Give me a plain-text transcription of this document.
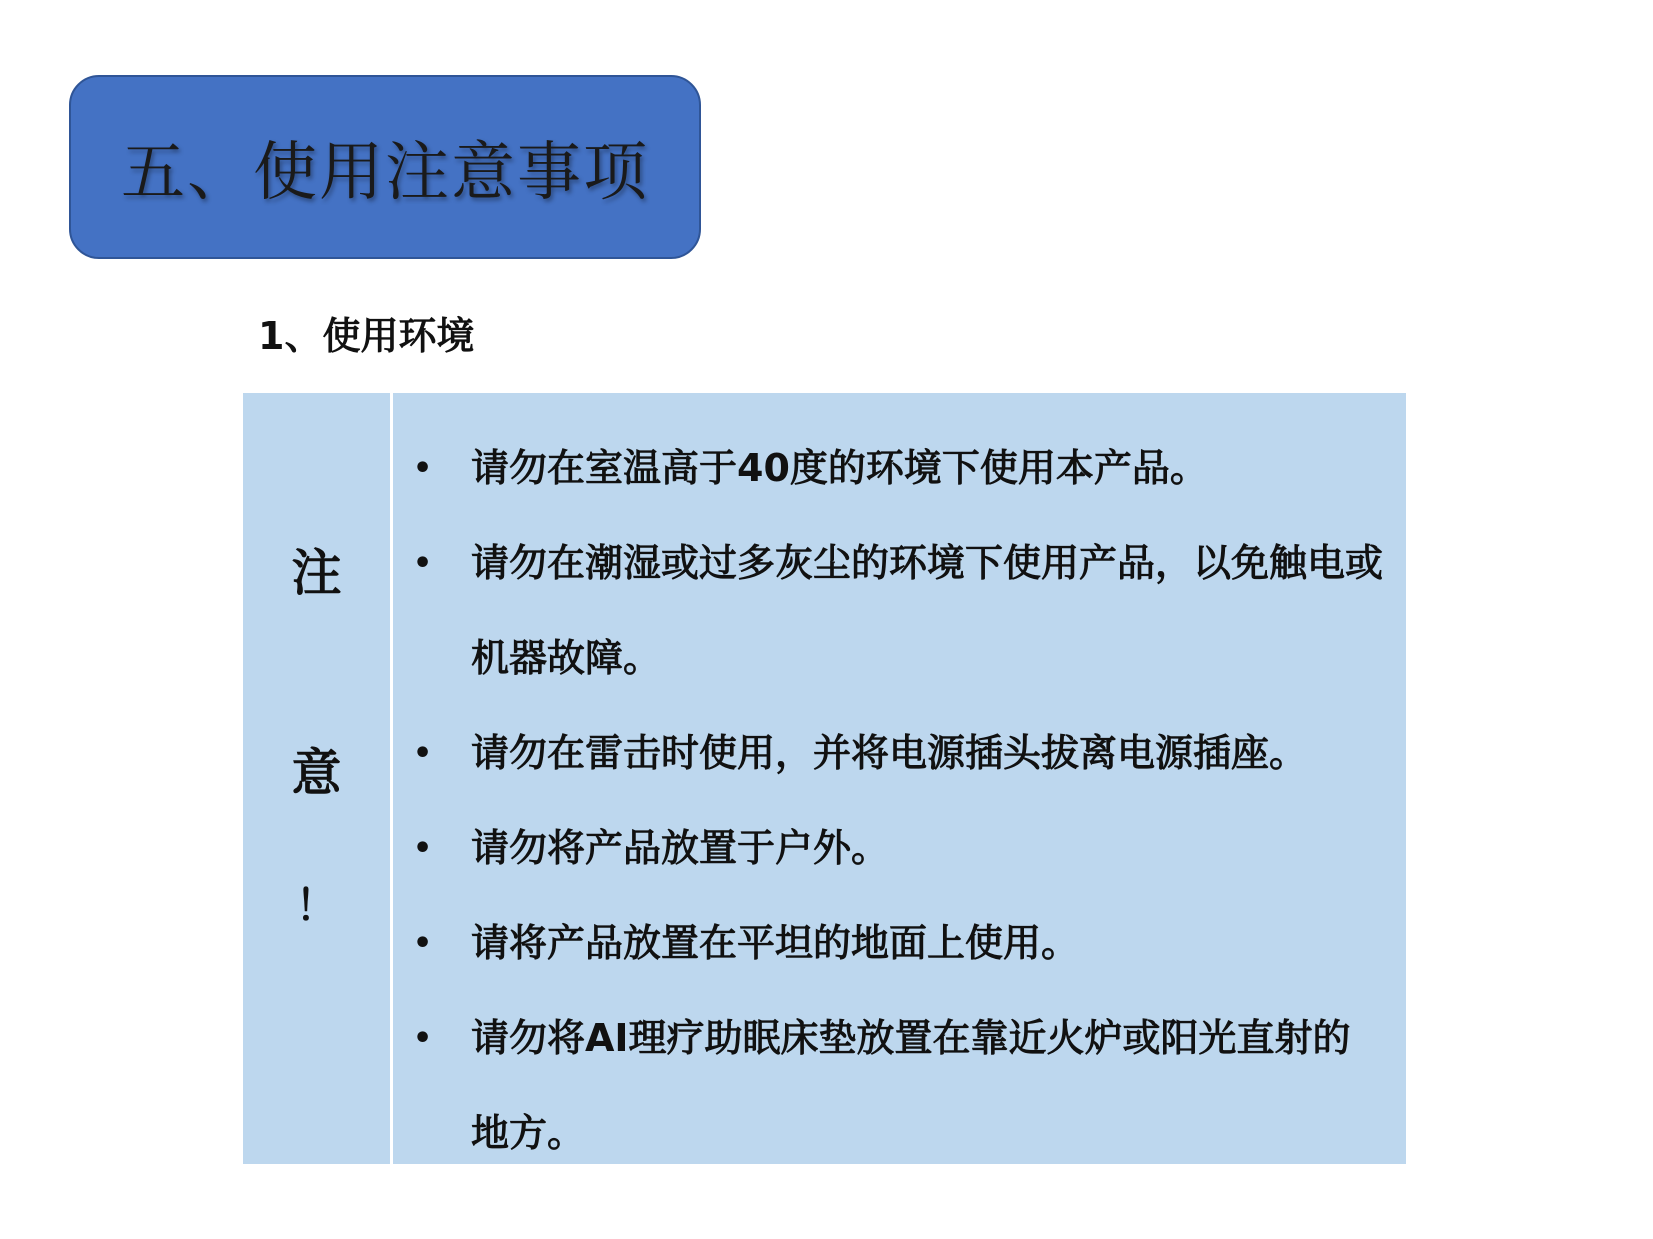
五、使用注意事项
1、使用环境
注
意
！
• 请勿在室温高于40度的环境下使用本产品。
• 请勿在潮湿或过多灰尘的环境下使用产品，以免触电或机器故障。
• 请勿在雷击时使用，并将电源插头拔离电源插座。
• 请勿将产品放置于户外。
• 请将产品放置在平坦的地面上使用。
• 请勿将AI理疗助眠床垫放置在靠近火炉或阳光直射的地方。
